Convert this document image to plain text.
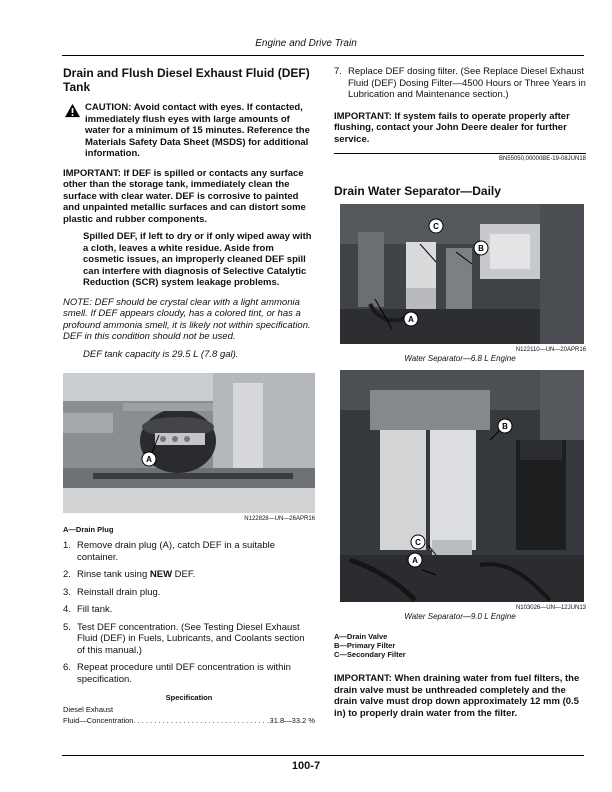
Engine and Drive Train
Drain and Flush Diesel Exhaust Fluid (DEF) Tank
CAUTION: Avoid contact with eyes. If contacted, immediately flush eyes with large amounts of water for a minimum of 15 minutes. Reference the Materials Safety Data Sheet (MSDS) for additional information.

IMPORTANT: If DEF is spilled or contacts any surface other than the storage tank, immediately clean the surface with clear water. DEF is corrosive to painted and unpainted metallic surfaces and can distort some plastic and rubber components.

Spilled DEF, if left to dry or if only wiped away with a cloth, leaves a white residue. Aside from cosmetic issues, an improperly cleaned DEF spill can interfere with diagnosis of Selective Catalytic Reduction (SCR) system leakage problems.

NOTE: DEF should be crystal clear with a light ammonia smell. If DEF appears cloudy, has a colored tint, or has a profound ammonia smell, it is likely not within specification. DEF in this condition should not be used.

DEF tank capacity is 29.5 L (7.8 gal).

A
N122828—UN—26APR16
A—Drain Plug
1. Remove drain plug (A), catch DEF in a suitable container.
2. Rinse tank using NEW DEF.
3. Reinstall drain plug.
4. Fill tank.
5. Test DEF concentration. (See Testing Diesel Exhaust Fluid (DEF) in Fuels, Lubricants, and Coolants section of this manual.)
6. Repeat procedure until DEF concentration is within specification.
Specification
Diesel Exhaust
Fluid—Concentration
. . .	31.8—33.2 %
7. Replace DEF dosing filter. (See Replace Diesel Exhaust Fluid (DEF) Dosing Filter—4500 Hours or Three Years in Lubrication and Maintenance section.)
IMPORTANT: If system fails to operate properly after flushing, contact your John Deere dealer for further service.
BN55050,00000BE-19-08JUN18
Drain Water Separator—Daily
C
B
A
N122110—UN—20APR16
Water Separator—6.8 L Engine
B
C
A
N103026—UN—12JUN13
Water Separator—9.0 L Engine
A—Drain Valve
B—Primary Filter
C—Secondary Filter
IMPORTANT: When draining water from fuel filters, the drain valve must be unthreaded completely and the drain valve must drop down approximately 12 mm (0.5 in) to properly drain water from the filter.
100-7
